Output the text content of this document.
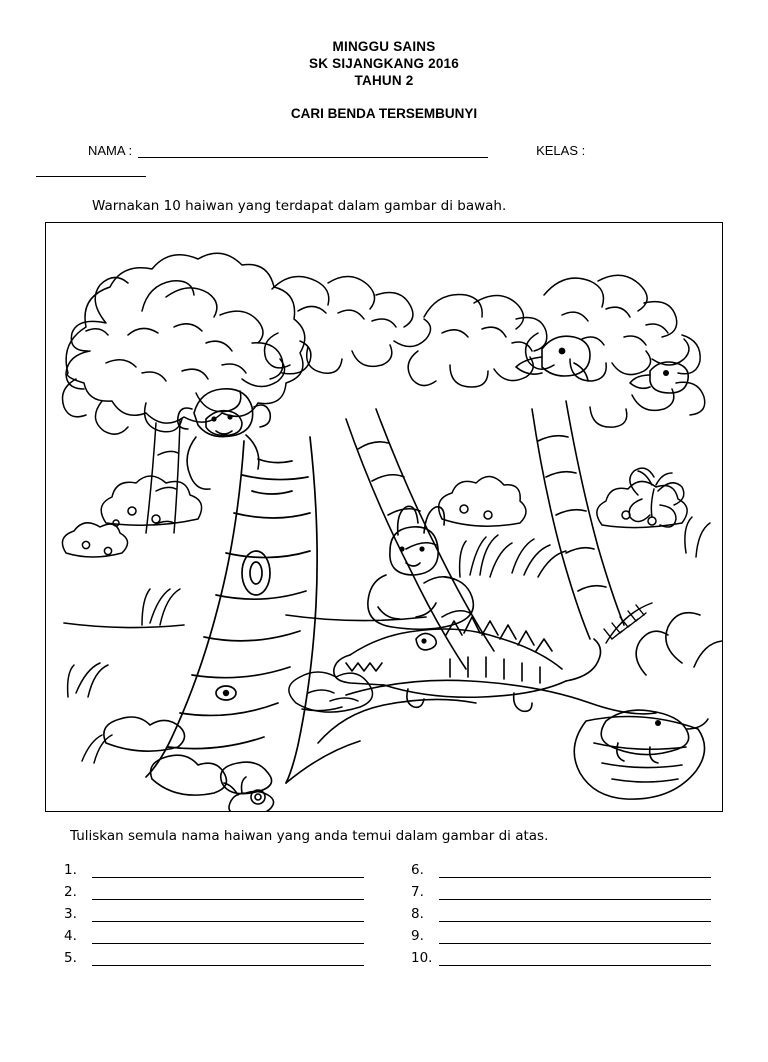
MINGGU SAINS
SK SIJANGKANG 2016
TAHUN 2
CARI BENDA TERSEMBUNYI
NAMA :	KELAS :
Warnakan 10 haiwan yang terdapat dalam gambar di bawah.
Tuliskan semula nama haiwan yang anda temui dalam gambar di atas.
1.
2.
3.
4.
5.
6.
7.
8.
9.
10.
